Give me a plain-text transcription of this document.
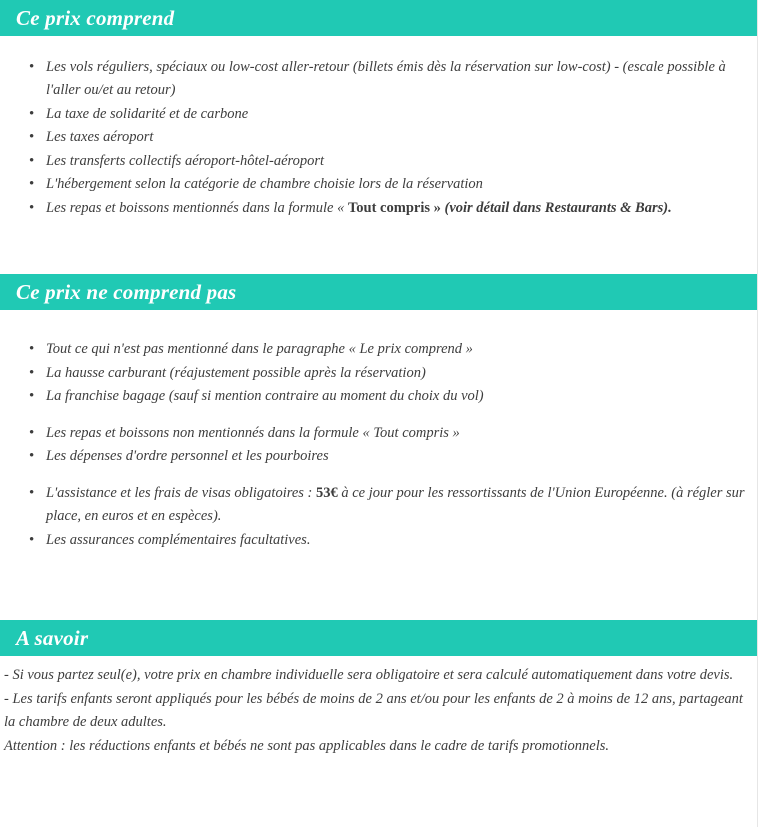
Ce prix comprend
• Les vols réguliers, spéciaux ou low-cost aller-retour (billets émis dès la réservation sur low-cost) - (escale possible à l'aller ou/et au retour)
• La taxe de solidarité et de carbone
• Les taxes aéroport
• Les transferts collectifs aéroport-hôtel-aéroport
• L'hébergement selon la catégorie de chambre choisie lors de la réservation
• Les repas et boissons mentionnés dans la formule « Tout compris » (voir détail dans Restaurants & Bars).
Ce prix ne comprend pas
• Tout ce qui n'est pas mentionné dans le paragraphe « Le prix comprend »
• La hausse carburant (réajustement possible après la réservation)
• La franchise bagage (sauf si mention contraire au moment du choix du vol)
• Les repas et boissons non mentionnés dans la formule « Tout compris »
• Les dépenses d'ordre personnel et les pourboires
• L'assistance et les frais de visas obligatoires : 53€ à ce jour pour les ressortissants de l'Union Européenne. (à régler sur place, en euros et en espèces).
• Les assurances complémentaires facultatives.
A savoir

- Si vous partez seul(e), votre prix en chambre individuelle sera obligatoire et sera calculé automatiquement dans votre devis.

- Les tarifs enfants seront appliqués pour les bébés de moins de 2 ans et/ou pour les enfants de 2 à moins de 12 ans, partageant la chambre de deux adultes.

Attention : les réductions enfants et bébés ne sont pas applicables dans le cadre de tarifs promotionnels.
